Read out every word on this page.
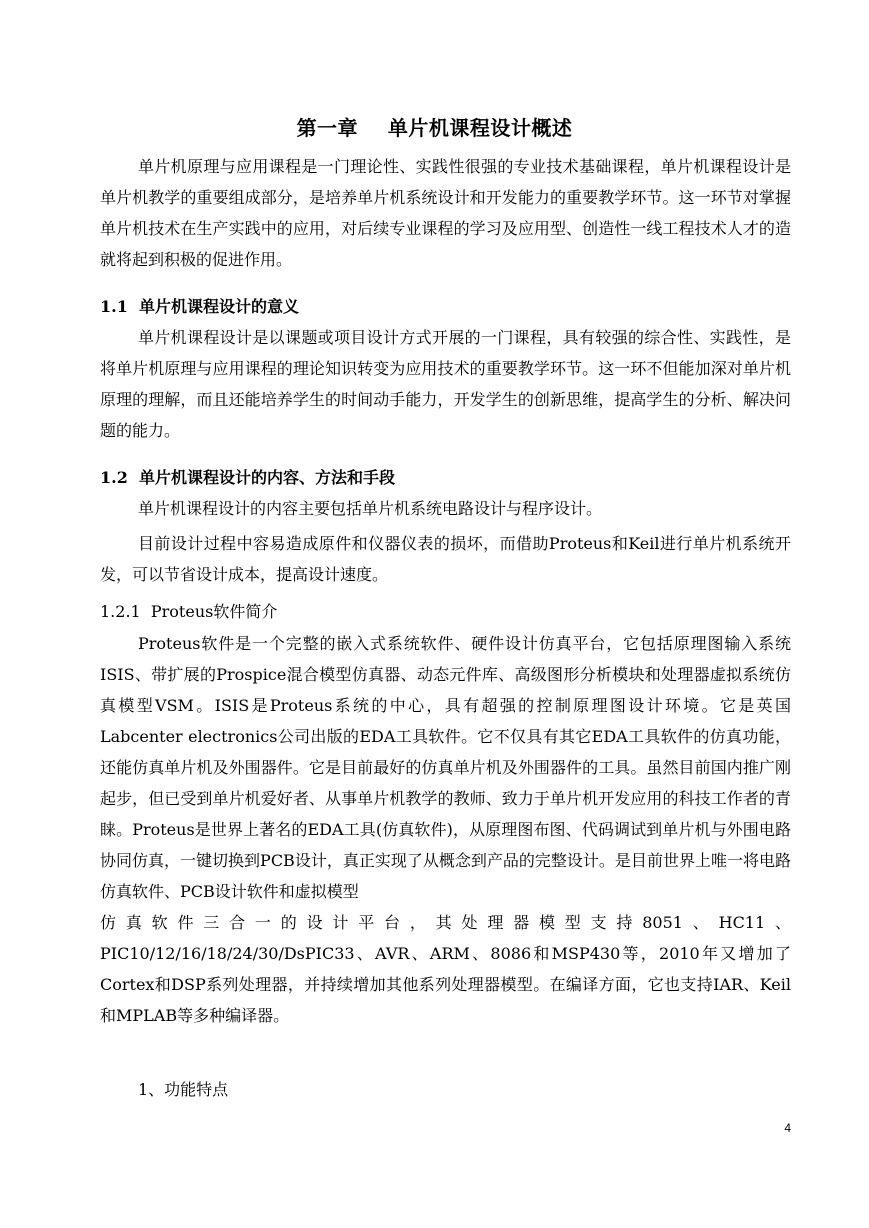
第一章    单片机课程设计概述
单片机原理与应用课程是一门理论性、实践性很强的专业技术基础课程，单片机课程设计是单片机教学的重要组成部分，是培养单片机系统设计和开发能力的重要教学环节。这一环节对掌握单片机技术在生产实践中的应用，对后续专业课程的学习及应用型、创造性一线工程技术人才的造就将起到积极的促进作用。
1.1  单片机课程设计的意义
单片机课程设计是以课题或项目设计方式开展的一门课程，具有较强的综合性、实践性，是将单片机原理与应用课程的理论知识转变为应用技术的重要教学环节。这一环不但能加深对单片机原理的理解，而且还能培养学生的时间动手能力，开发学生的创新思维，提高学生的分析、解决问题的能力。
1.2  单片机课程设计的内容、方法和手段
单片机课程设计的内容主要包括单片机系统电路设计与程序设计。
目前设计过程中容易造成原件和仪器仪表的损坏，而借助Proteus和Keil进行单片机系统开发，可以节省设计成本，提高设计速度。
1.2.1  Proteus软件简介
Proteus软件是一个完整的嵌入式系统软件、硬件设计仿真平台，它包括原理图输入系统ISIS、带扩展的Prospice混合模型仿真器、动态元件库、高级图形分析模块和处理器虚拟系统仿真模型VSM。ISIS是Proteus系统的中心，具有超强的控制原理图设计环境。它是英国Labcenter electronics公司出版的EDA工具软件。它不仅具有其它EDA工具软件的仿真功能，还能仿真单片机及外围器件。它是目前最好的仿真单片机及外围器件的工具。虽然目前国内推广刚起步，但已受到单片机爱好者、从事单片机教学的教师、致力于单片机开发应用的科技工作者的青睐。Proteus是世界上著名的EDA工具(仿真软件)，从原理图布图、代码调试到单片机与外围电路协同仿真，一键切换到PCB设计，真正实现了从概念到产品的完整设计。是目前世界上唯一将电路仿真软件、PCB设计软件和虚拟模型
仿真软件三合一的设计平台，其处理器模型支持8051、HC11、
PIC10/12/16/18/24/30/DsPIC33、AVR、ARM、8086和MSP430等，2010年又增加了Cortex和DSP系列处理器，并持续增加其他系列处理器模型。在编译方面，它也支持IAR、Keil和MPLAB等多种编译器。
1、功能特点
4
